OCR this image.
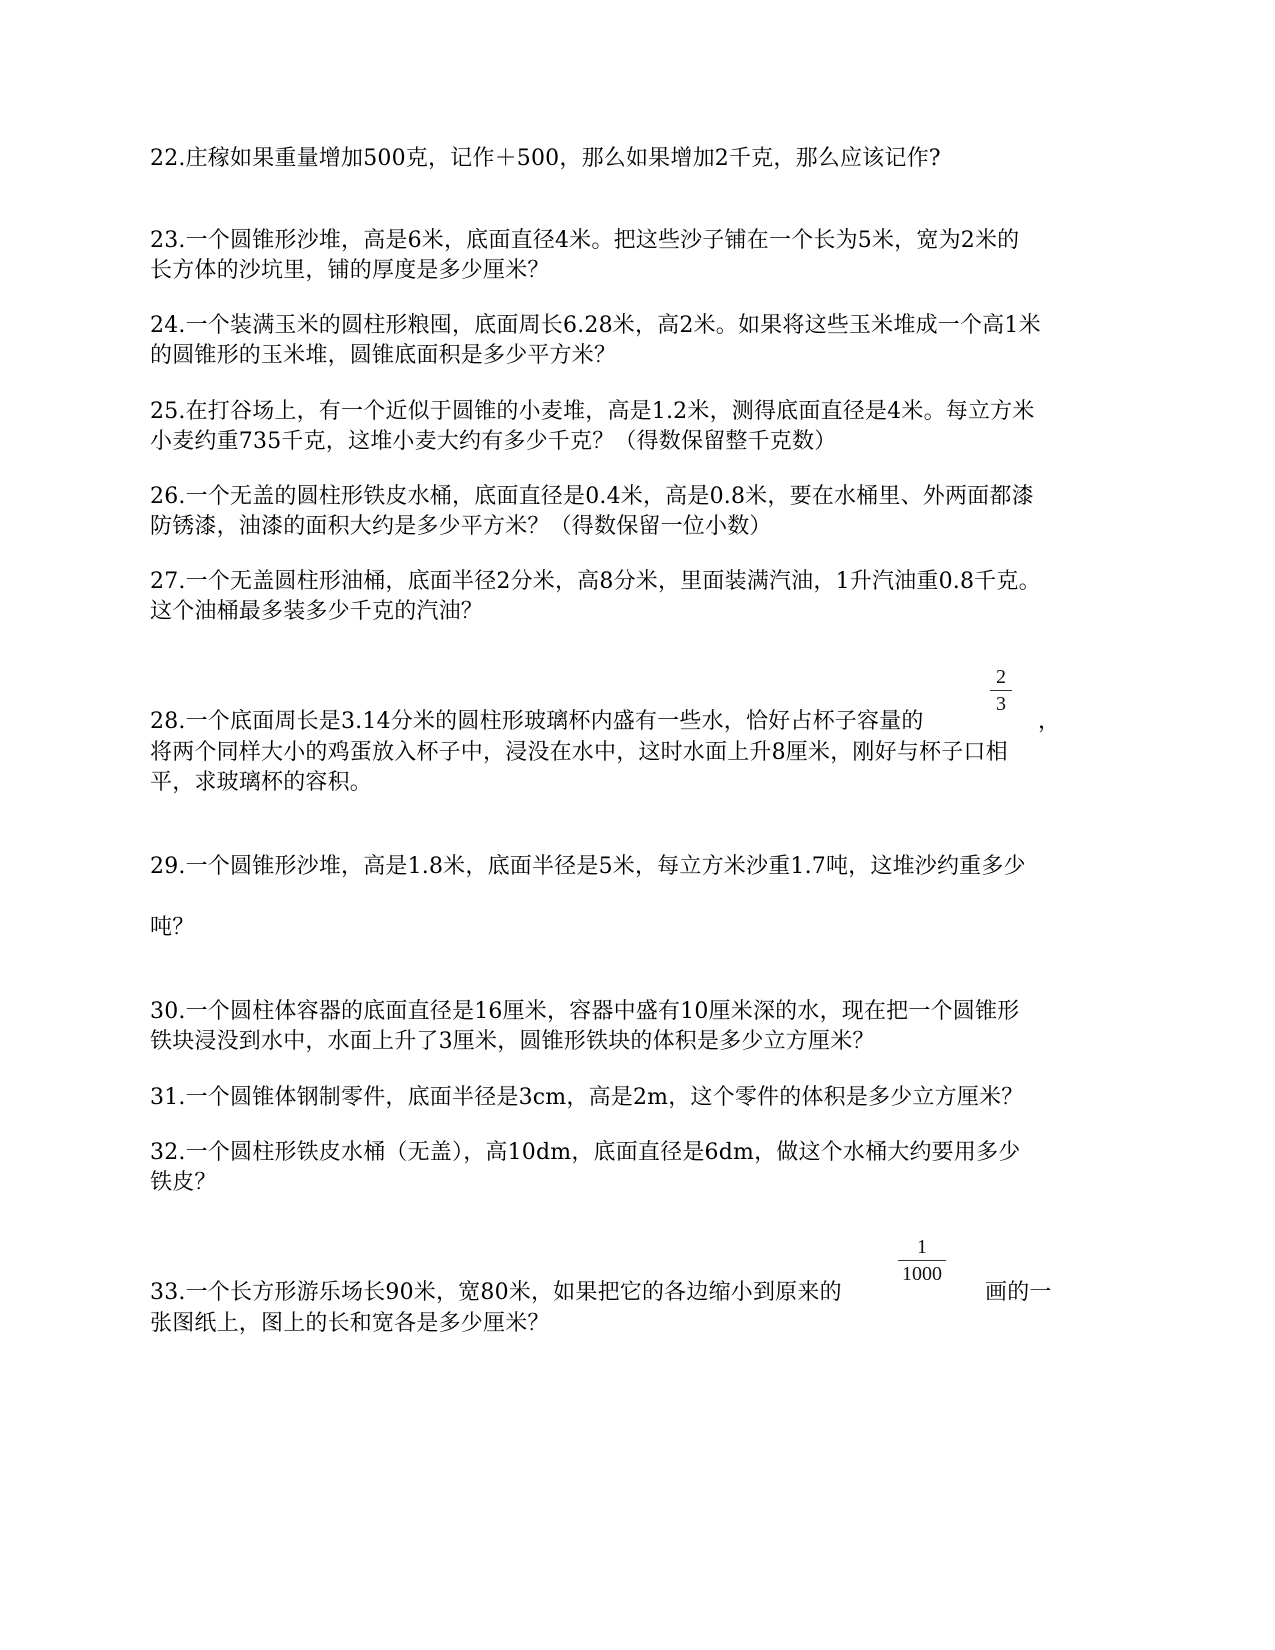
22.庄稼如果重量增加500克，记作＋500，那么如果增加2千克，那么应该记作?
23.一个圆锥形沙堆，高是6米，底面直径4米。把这些沙子铺在一个长为5米，宽为2米的
长方体的沙坑里，铺的厚度是多少厘米？
24.一个装满玉米的圆柱形粮囤，底面周长6.28米，高2米。如果将这些玉米堆成一个高1米
的圆锥形的玉米堆，圆锥底面积是多少平方米？
25.在打谷场上，有一个近似于圆锥的小麦堆，高是1.2米，测得底面直径是4米。每立方米
小麦约重735千克，这堆小麦大约有多少千克？（得数保留整千克数）
26.一个无盖的圆柱形铁皮水桶，底面直径是0.4米，高是0.8米，要在水桶里、外两面都漆
防锈漆，油漆的面积大约是多少平方米？（得数保留一位小数）
27.一个无盖圆柱形油桶，底面半径2分米，高8分米，里面装满汽油，1升汽油重0.8千克。
这个油桶最多装多少千克的汽油？
2
3
28.一个底面周长是3.14分米的圆柱形玻璃杯内盛有一些水，恰好占杯子容量的	，
将两个同样大小的鸡蛋放入杯子中，浸没在水中，这时水面上升8厘米，刚好与杯子口相
平，求玻璃杯的容积。
29.一个圆锥形沙堆，高是1.8米，底面半径是5米，每立方米沙重1.7吨，这堆沙约重多少
吨？
30.一个圆柱体容器的底面直径是16厘米，容器中盛有10厘米深的水，现在把一个圆锥形
铁块浸没到水中，水面上升了3厘米，圆锥形铁块的体积是多少立方厘米？
31.一个圆锥体钢制零件，底面半径是3cm，高是2m，这个零件的体积是多少立方厘米？
32.一个圆柱形铁皮水桶（无盖），高10dm，底面直径是6dm，做这个水桶大约要用多少
铁皮？
1
1000
33.一个长方形游乐场长90米，宽80米，如果把它的各边缩小到原来的	画的一
张图纸上，图上的长和宽各是多少厘米？
